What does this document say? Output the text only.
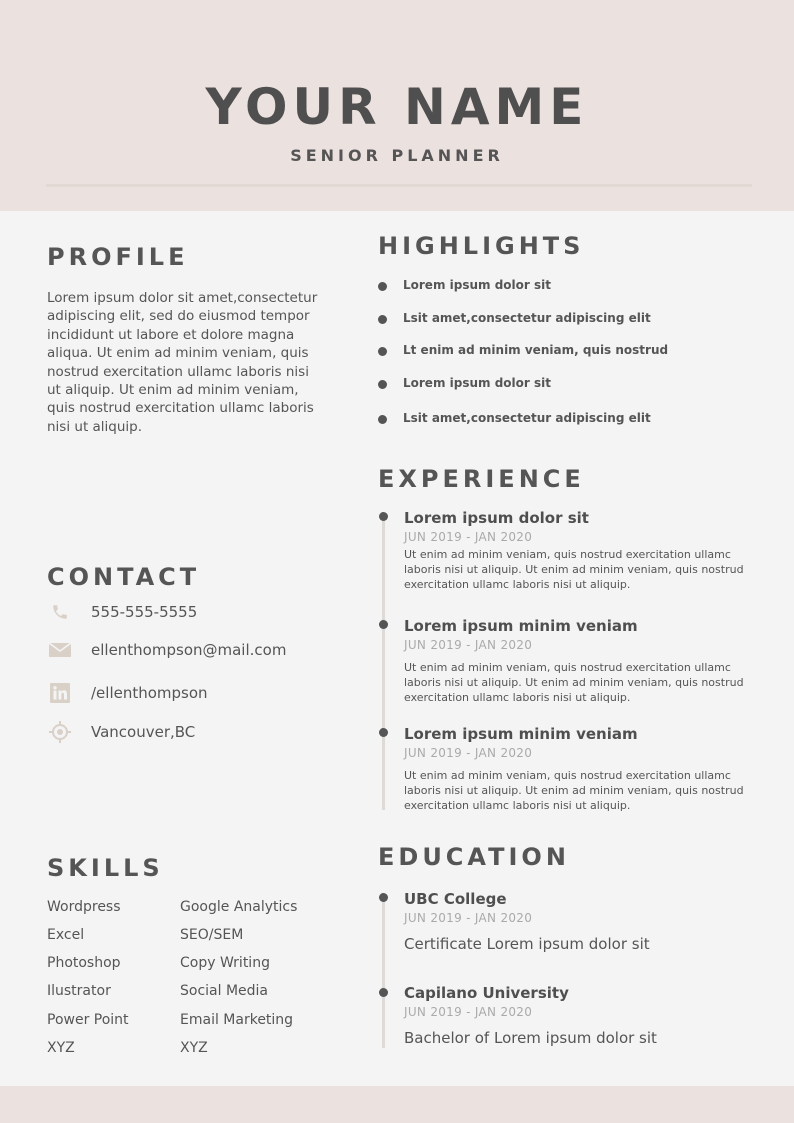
YOUR NAME
SENIOR PLANNER
PROFILE
Lorem ipsum dolor sit amet,consectetur adipiscing elit, sed do eiusmod tempor incididunt ut labore et dolore magna aliqua. Ut enim ad minim veniam, quis nostrud exercitation ullamc laboris nisi ut aliquip. Ut enim ad minim veniam, quis nostrud exercitation ullamc laboris nisi ut aliquip.
CONTACT
555-555-5555
ellenthompson@mail.com
/ellenthompson
Vancouver,BC
SKILLS
Wordpress
Excel
Photoshop
Ilustrator
Power Point
XYZ
Google Analytics
SEO/SEM
Copy Writing
Social Media
Email Marketing
XYZ
HIGHLIGHTS
Lorem ipsum dolor sit
Lsit amet,consectetur adipiscing elit
Lt enim ad minim veniam, quis nostrud
Lorem ipsum dolor sit
Lsit amet,consectetur adipiscing elit
EXPERIENCE
Lorem ipsum dolor sit
JUN 2019 - JAN 2020
Ut enim ad minim veniam, quis nostrud exercitation ullamc
laboris nisi ut aliquip. Ut enim ad minim veniam, quis nostrud
exercitation ullamc laboris nisi ut aliquip.
Lorem ipsum minim veniam
JUN 2019 - JAN 2020
Ut enim ad minim veniam, quis nostrud exercitation ullamc
laboris nisi ut aliquip. Ut enim ad minim veniam, quis nostrud
exercitation ullamc laboris nisi ut aliquip.
Lorem ipsum minim veniam
JUN 2019 - JAN 2020
Ut enim ad minim veniam, quis nostrud exercitation ullamc
laboris nisi ut aliquip. Ut enim ad minim veniam, quis nostrud
exercitation ullamc laboris nisi ut aliquip.
EDUCATION
UBC College
JUN 2019 - JAN 2020
Certificate Lorem ipsum dolor sit
Capilano University
JUN 2019 - JAN 2020
Bachelor of Lorem ipsum dolor sit
